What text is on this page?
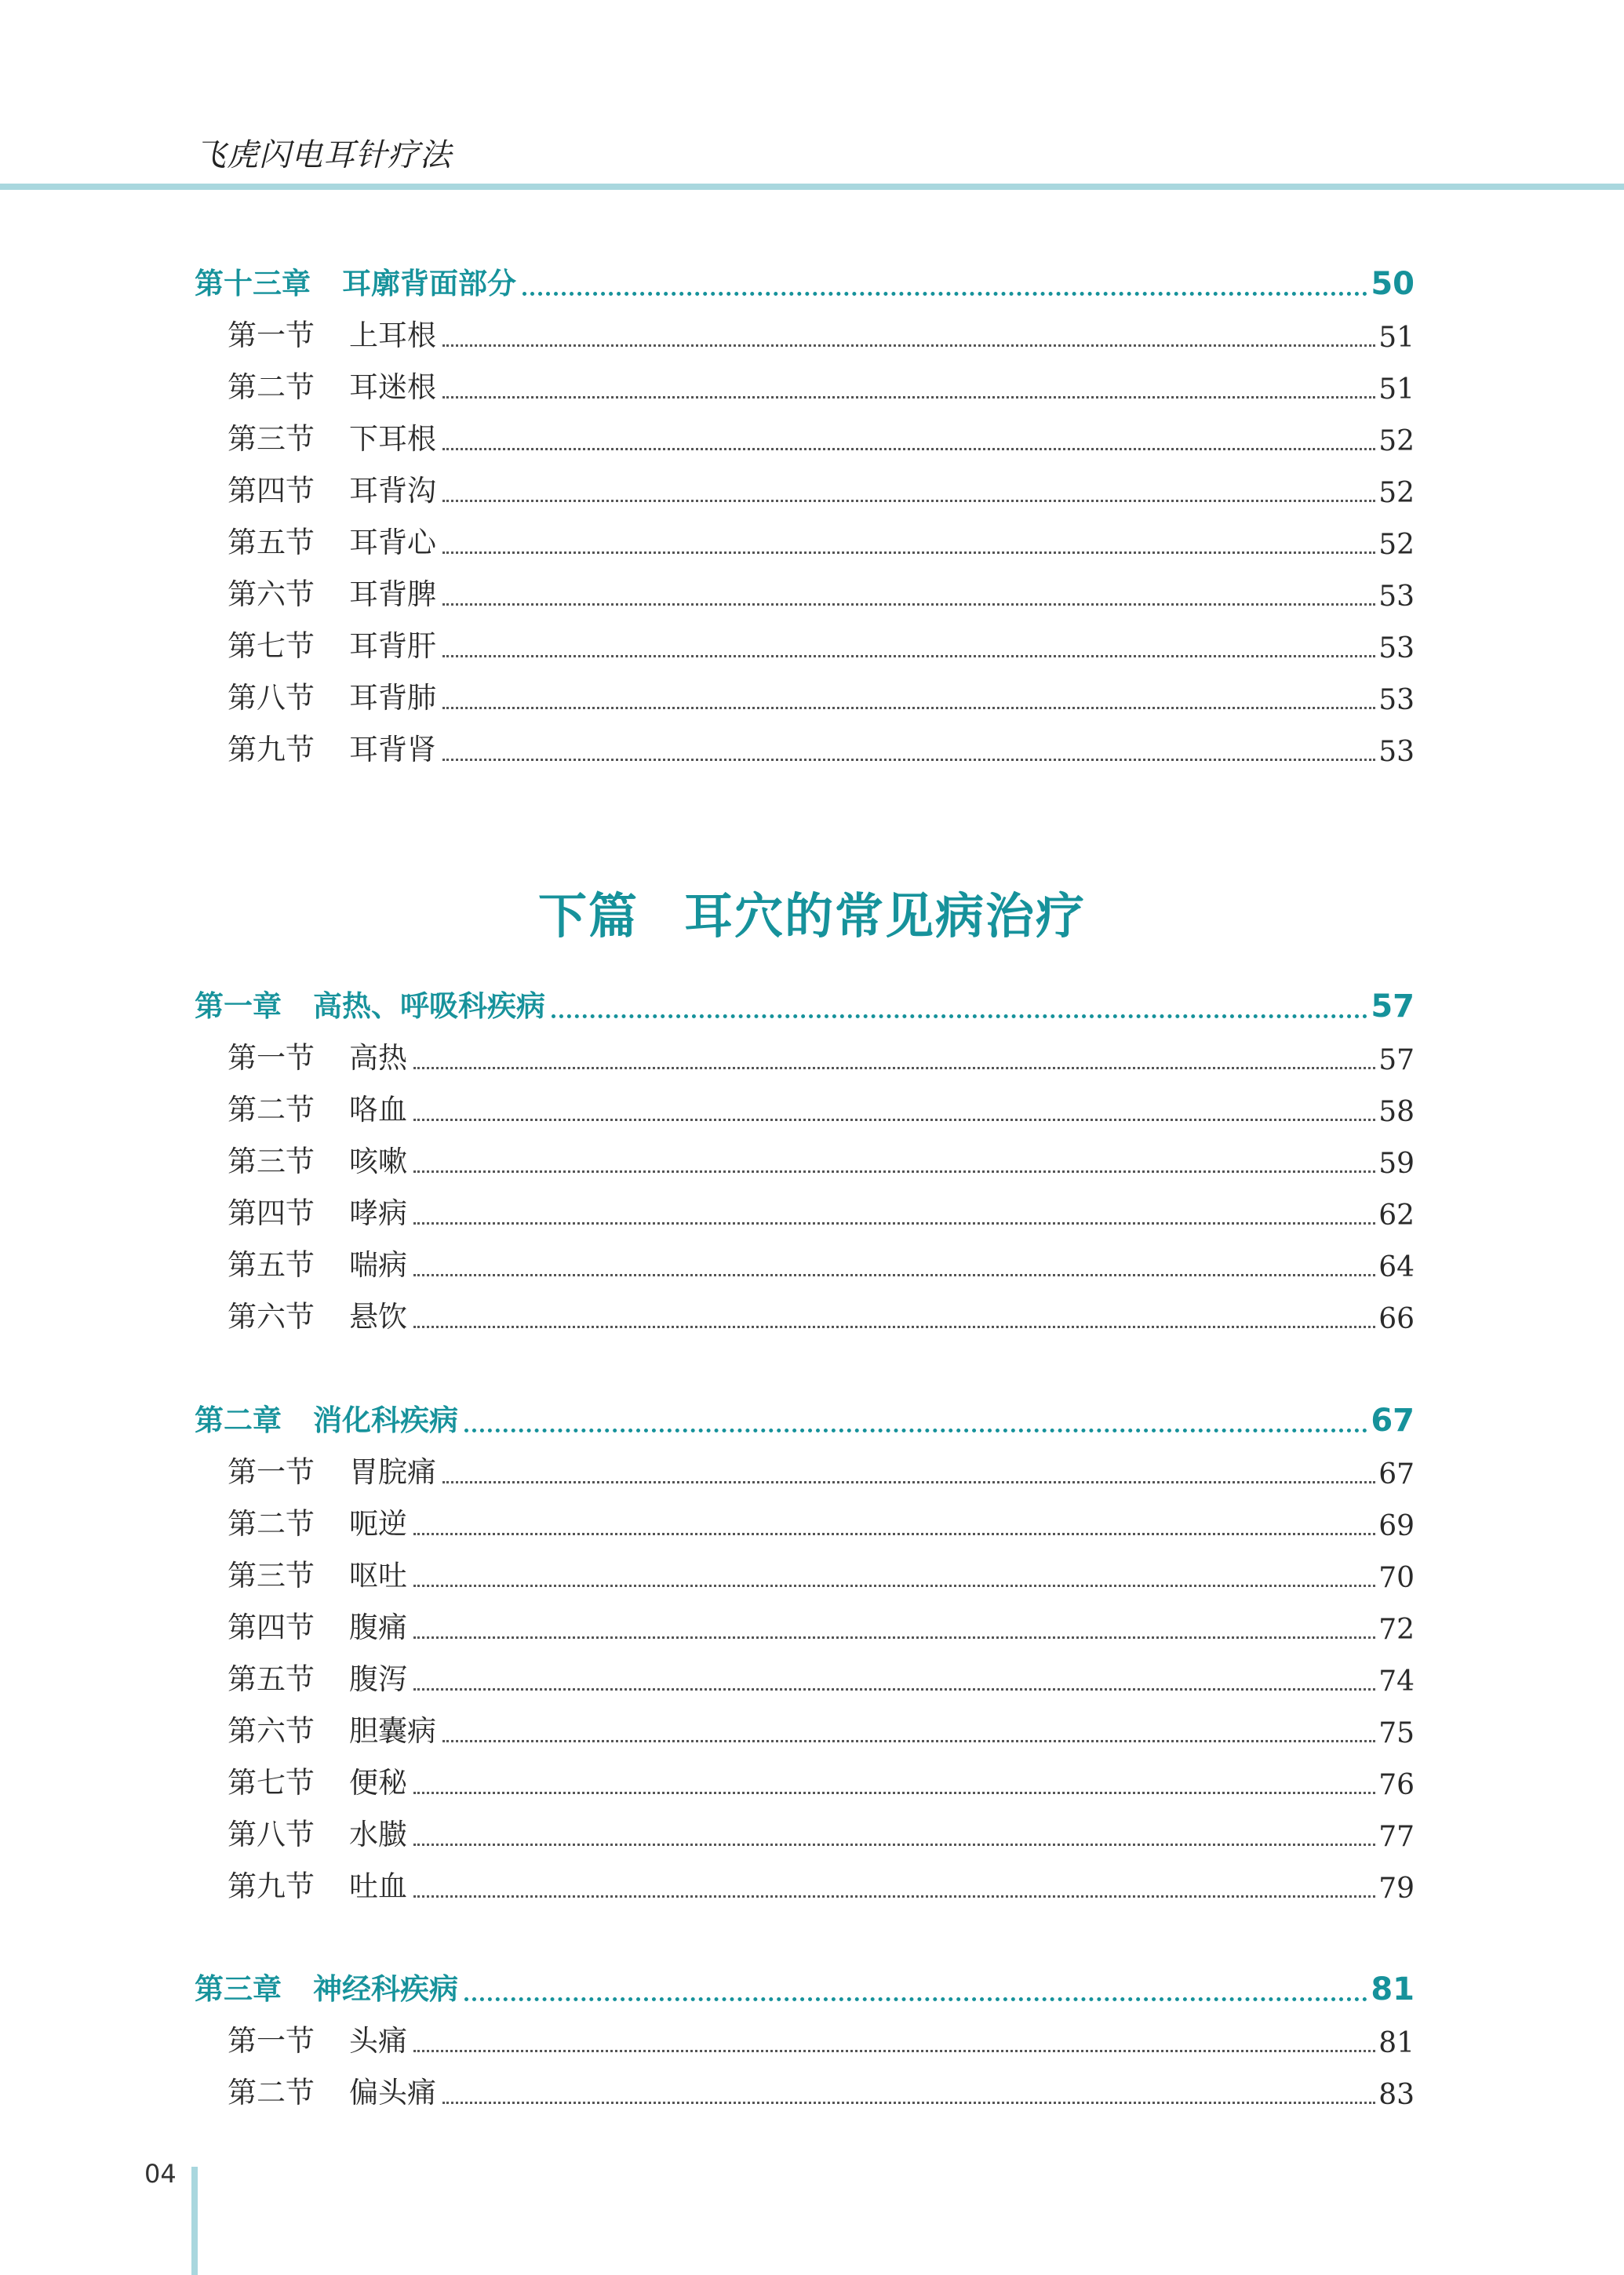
飞虎闪电耳针疗法
第十三章 耳廓背面部分	50
第一节 上耳根	51
第二节 耳迷根	51
第三节 下耳根	52
第四节 耳背沟	52
第五节 耳背心	52
第六节 耳背脾	53
第七节 耳背肝	53
第八节 耳背肺	53
第九节 耳背肾	53
下篇 耳穴的常见病治疗
第一章 高热、呼吸科疾病	57
第一节 高热	57
第二节 咯血	58
第三节 咳嗽	59
第四节 哮病	62
第五节 喘病	64
第六节 悬饮	66
第二章 消化科疾病	67
第一节 胃脘痛	67
第二节 呃逆	69
第三节 呕吐	70
第四节 腹痛	72
第五节 腹泻	74
第六节 胆囊病	75
第七节 便秘	76
第八节 水臌	77
第九节 吐血	79
第三章 神经科疾病	81
第一节 头痛	81
第二节 偏头痛	83
04
